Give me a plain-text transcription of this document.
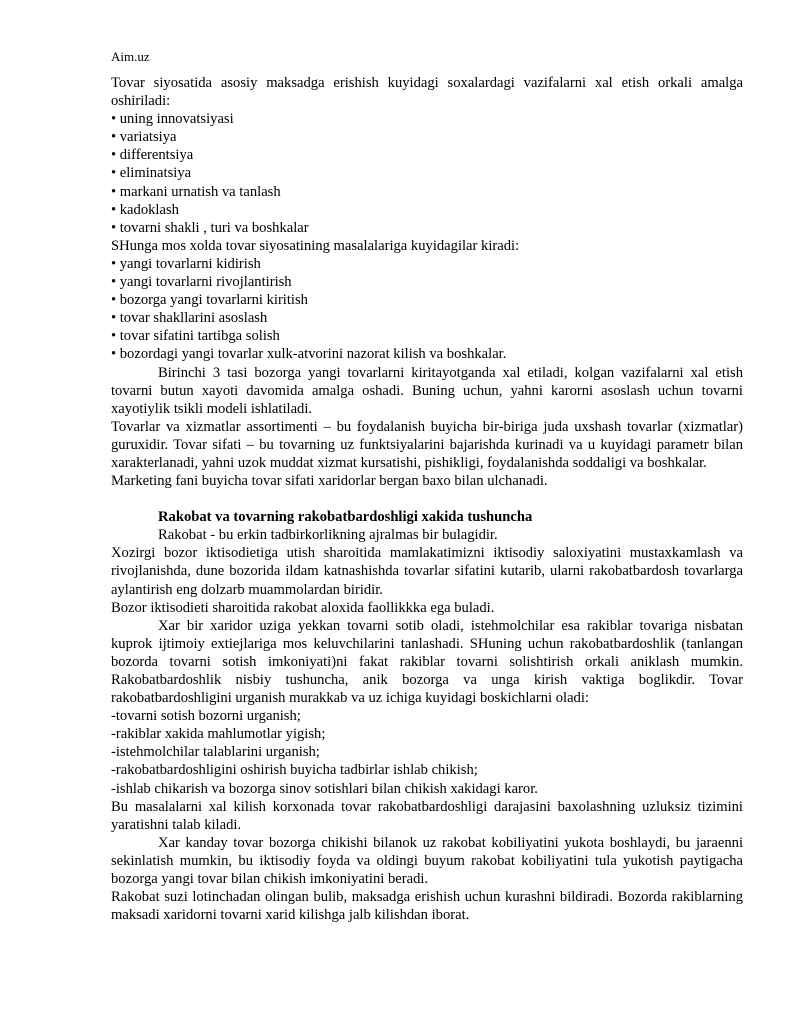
Aim.uz

Tovar siyosatida asosiy maksadga erishish kuyidagi soxalardagi vazifalarni xal etish orkali amalga oshiriladi:

• uning innovatsiyasi
• variatsiya
• differentsiya
• eliminatsiya
• markani urnatish va tanlash
• kadoklash
• tovarni shakli , turi va boshkalar

SHunga mos xolda tovar siyosatining masalalariga kuyidagilar kiradi:

• yangi tovarlarni kidirish
• yangi tovarlarni rivojlantirish
• bozorga yangi tovarlarni kiritish
• tovar shakllarini asoslash
• tovar sifatini tartibga solish
• bozordagi yangi tovarlar xulk-atvorini nazorat kilish va boshkalar.

Birinchi 3 tasi bozorga yangi tovarlarni kiritayotganda xal etiladi, kolgan vazifalarni xal etish tovarni butun xayoti davomida amalga oshadi. Buning uchun, yahni karorni asoslash uchun tovarni xayotiylik tsikli modeli ishlatiladi.

Tovarlar va xizmatlar assortimenti – bu foydalanish buyicha bir-biriga juda uxshash tovarlar (xizmatlar) guruxidir. Tovar sifati – bu tovarning uz funktsiyalarini bajarishda kurinadi va u kuyidagi parametr bilan xarakterlanadi, yahni uzok muddat xizmat kursatishi, pishikligi, foydalanishda soddaligi va boshkalar.

Marketing fani buyicha tovar sifati xaridorlar bergan baxo bilan ulchanadi.

Rakobat va tovarning rakobatbardoshligi xakida tushuncha

Rakobat - bu erkin tadbirkorlikning ajralmas bir bulagidir.

Xozirgi bozor iktisodietiga utish sharoitida mamlakatimizni iktisodiy saloxiyatini mustaxkamlash va rivojlanishda, dune bozorida ildam katnashishda tovarlar sifatini kutarib, ularni rakobatbardosh tovarlarga aylantirish eng dolzarb muammolardan biridir.

Bozor iktisodieti sharoitida rakobat aloxida faollikkka ega buladi.

Xar bir xaridor uziga yekkan tovarni sotib oladi, istehmolchilar esa rakiblar tovariga nisbatan kuprok ijtimoiy extiejlariga mos keluvchilarini tanlashadi. SHuning uchun rakobatbardoshlik (tanlangan bozorda tovarni sotish imkoniyati)ni fakat rakiblar tovarni solishtirish orkali aniklash mumkin. Rakobatbardoshlik nisbiy tushuncha, anik bozorga va unga kirish vaktiga boglikdir. Tovar rakobatbardoshligini urganish murakkab va uz ichiga kuyidagi boskichlarni oladi:

-tovarni sotish bozorni urganish;
-rakiblar xakida mahlumotlar yigish;
-istehmolchilar talablarini urganish;
-rakobatbardoshligini oshirish buyicha tadbirlar ishlab chikish;
-ishlab chikarish va bozorga sinov sotishlari bilan chikish xakidagi karor.

Bu masalalarni xal kilish korxonada tovar rakobatbardoshligi darajasini baxolashning uzluksiz tizimini yaratishni talab kiladi.

Xar kanday tovar bozorga chikishi bilanok uz rakobat kobiliyatini yukota boshlaydi, bu jaraenni sekinlatish mumkin, bu iktisodiy foyda va oldingi buyum rakobat kobiliyatini tula yukotish paytigacha bozorga yangi tovar bilan chikish imkoniyatini beradi.

Rakobat suzi lotinchadan olingan bulib, maksadga erishish uchun kurashni bildiradi. Bozorda rakiblarning maksadi xaridorni tovarni xarid kilishga jalb kilishdan iborat.
